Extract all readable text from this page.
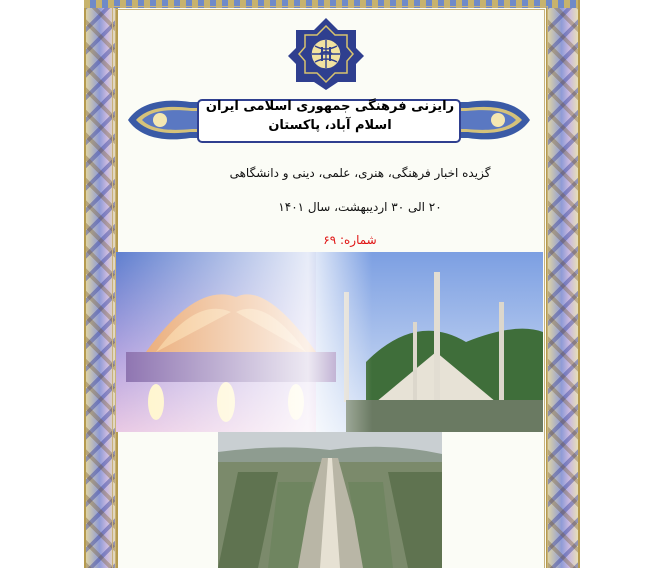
رایزنی فرهنگی جمهوری اسلامی ایران
اسلام آباد، پاکستان
گزیده اخبار فرهنگی، هنری، علمی، دینی و دانشگاهی
۲۰ الی ۳۰ اردیبهشت، سال ۱۴۰۱
شماره: ۶۹
